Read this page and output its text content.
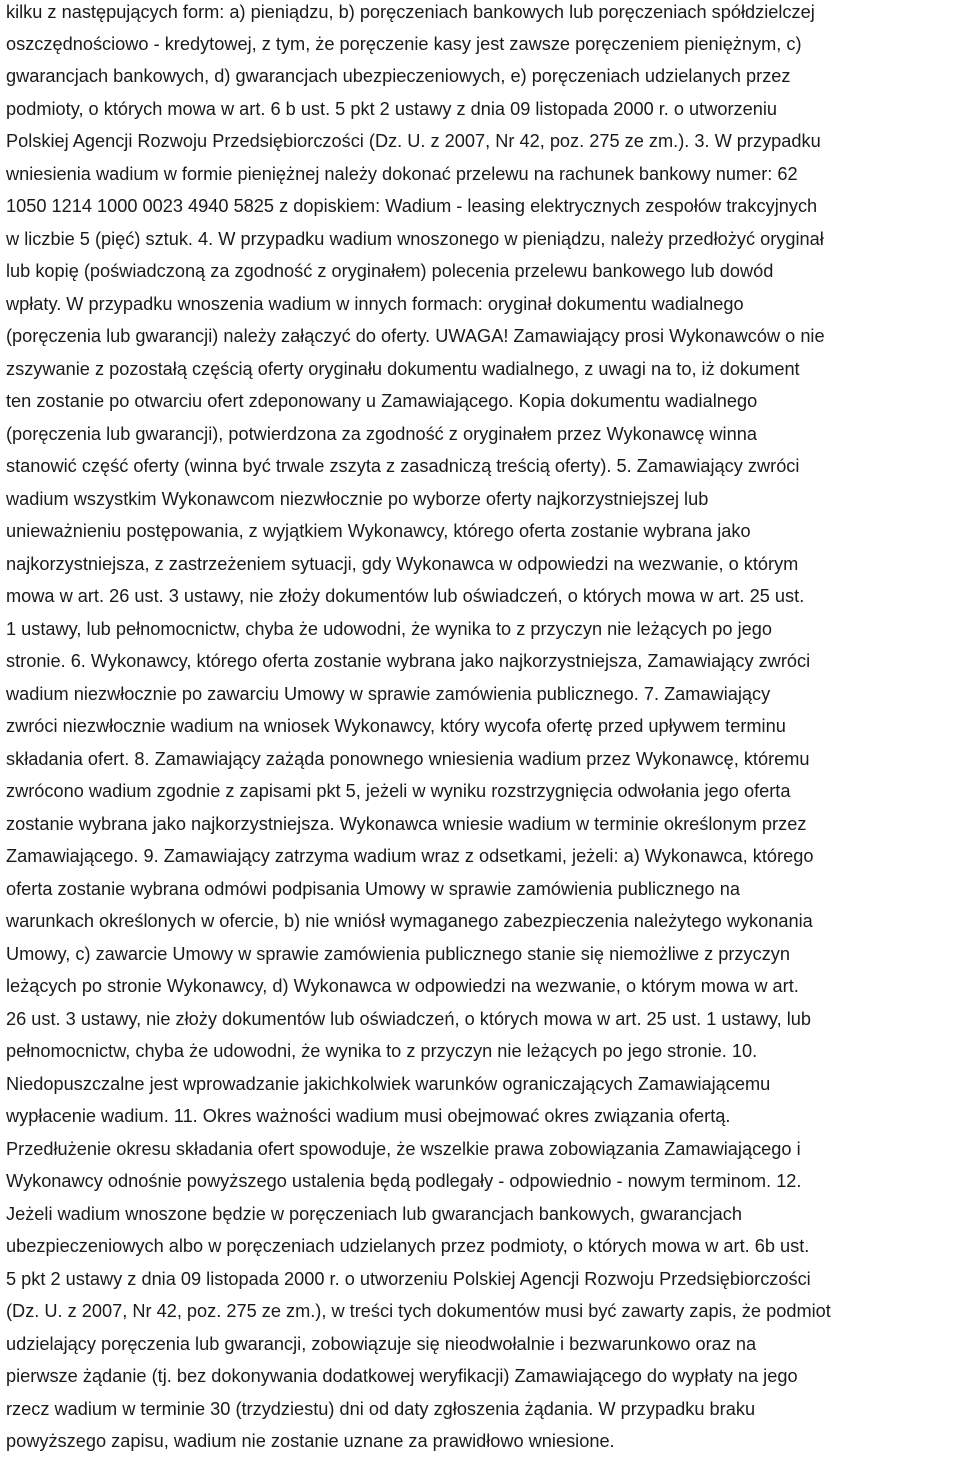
kilku z następujących form: a) pieniądzu, b) poręczeniach bankowych lub poręczeniach spółdzielczej
oszczędnościowo - kredytowej, z tym, że poręczenie kasy jest zawsze poręczeniem pieniężnym, c)
gwarancjach bankowych, d) gwarancjach ubezpieczeniowych, e) poręczeniach udzielanych przez
podmioty, o których mowa w art. 6 b ust. 5 pkt 2 ustawy z dnia 09 listopada 2000 r. o utworzeniu
Polskiej Agencji Rozwoju Przedsiębiorczości (Dz. U. z 2007, Nr 42, poz. 275 ze zm.). 3. W przypadku
wniesienia wadium w formie pieniężnej należy dokonać przelewu na rachunek bankowy numer: 62
1050 1214 1000 0023 4940 5825 z dopiskiem: Wadium - leasing elektrycznych zespołów trakcyjnych
w liczbie 5 (pięć) sztuk. 4. W przypadku wadium wnoszonego w pieniądzu, należy przedłożyć oryginał
lub kopię (poświadczoną za zgodność z oryginałem) polecenia przelewu bankowego lub dowód
wpłaty. W przypadku wnoszenia wadium w innych formach: oryginał dokumentu wadialnego
(poręczenia lub gwarancji) należy załączyć do oferty. UWAGA! Zamawiający prosi Wykonawców o nie
zszywanie z pozostałą częścią oferty oryginału dokumentu wadialnego, z uwagi na to, iż dokument
ten zostanie po otwarciu ofert zdeponowany u Zamawiającego. Kopia dokumentu wadialnego
(poręczenia lub gwarancji), potwierdzona za zgodność z oryginałem przez Wykonawcę winna
stanowić część oferty (winna być trwale zszyta z zasadniczą treścią oferty). 5. Zamawiający zwróci
wadium wszystkim Wykonawcom niezwłocznie po wyborze oferty najkorzystniejszej lub
unieważnieniu postępowania, z wyjątkiem Wykonawcy, którego oferta zostanie wybrana jako
najkorzystniejsza, z zastrzeżeniem sytuacji, gdy Wykonawca w odpowiedzi na wezwanie, o którym
mowa w art. 26 ust. 3 ustawy, nie złoży dokumentów lub oświadczeń, o których mowa w art. 25 ust.
1 ustawy, lub pełnomocnictw, chyba że udowodni, że wynika to z przyczyn nie leżących po jego
stronie. 6. Wykonawcy, którego oferta zostanie wybrana jako najkorzystniejsza, Zamawiający zwróci
wadium niezwłocznie po zawarciu Umowy w sprawie zamówienia publicznego. 7. Zamawiający
zwróci niezwłocznie wadium na wniosek Wykonawcy, który wycofa ofertę przed upływem terminu
składania ofert. 8. Zamawiający zażąda ponownego wniesienia wadium przez Wykonawcę, któremu
zwrócono wadium zgodnie z zapisami pkt 5, jeżeli w wyniku rozstrzygnięcia odwołania jego oferta
zostanie wybrana jako najkorzystniejsza. Wykonawca wniesie wadium w terminie określonym przez
Zamawiającego. 9. Zamawiający zatrzyma wadium wraz z odsetkami, jeżeli: a) Wykonawca, którego
oferta zostanie wybrana odmówi podpisania Umowy w sprawie zamówienia publicznego na
warunkach określonych w ofercie, b) nie wniósł wymaganego zabezpieczenia należytego wykonania
Umowy, c) zawarcie Umowy w sprawie zamówienia publicznego stanie się niemożliwe z przyczyn
leżących po stronie Wykonawcy, d) Wykonawca w odpowiedzi na wezwanie, o którym mowa w art.
26 ust. 3 ustawy, nie złoży dokumentów lub oświadczeń, o których mowa w art. 25 ust. 1 ustawy, lub
pełnomocnictw, chyba że udowodni, że wynika to z przyczyn nie leżących po jego stronie. 10.
Niedopuszczalne jest wprowadzanie jakichkolwiek warunków ograniczających Zamawiającemu
wypłacenie wadium. 11. Okres ważności wadium musi obejmować okres związania ofertą.
Przedłużenie okresu składania ofert spowoduje, że wszelkie prawa zobowiązania Zamawiającego i
Wykonawcy odnośnie powyższego ustalenia będą podlegały - odpowiednio - nowym terminom. 12.
Jeżeli wadium wnoszone będzie w poręczeniach lub gwarancjach bankowych, gwarancjach
ubezpieczeniowych albo w poręczeniach udzielanych przez podmioty, o których mowa w art. 6b ust.
5 pkt 2 ustawy z dnia 09 listopada 2000 r. o utworzeniu Polskiej Agencji Rozwoju Przedsiębiorczości
(Dz. U. z 2007, Nr 42, poz. 275 ze zm.), w treści tych dokumentów musi być zawarty zapis, że podmiot
udzielający poręczenia lub gwarancji, zobowiązuje się nieodwołalnie i bezwarunkowo oraz na
pierwsze żądanie (tj. bez dokonywania dodatkowej weryfikacji) Zamawiającego do wypłaty na jego
rzecz wadium w terminie 30 (trzydziestu) dni od daty zgłoszenia żądania. W przypadku braku
powyższego zapisu, wadium nie zostanie uznane za prawidłowo wniesione.
